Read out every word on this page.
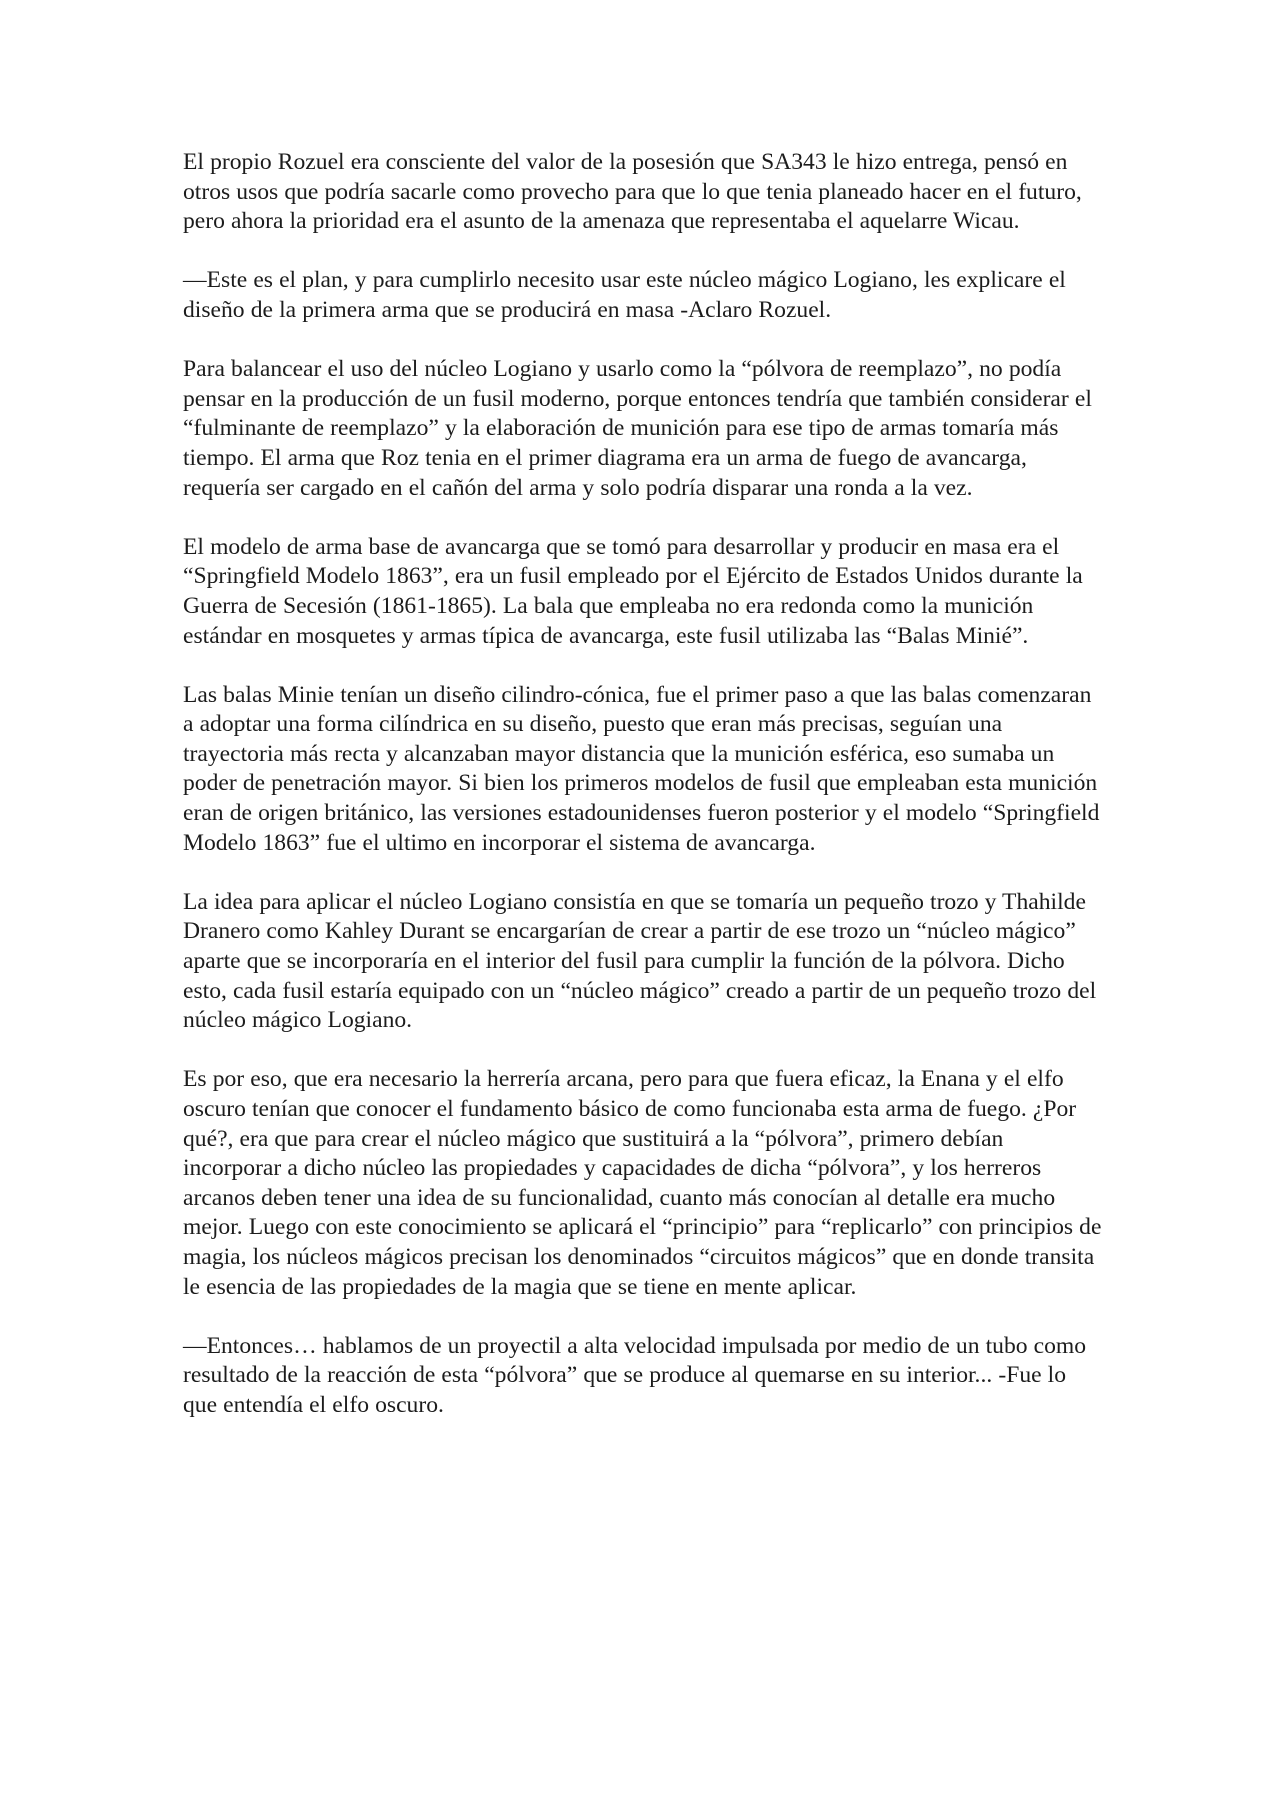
El propio Rozuel era consciente del valor de la posesión que SA343 le hizo entrega, pensó en otros usos que podría sacarle como provecho para que lo que tenia planeado hacer en el futuro, pero ahora la prioridad era el asunto de la amenaza que representaba el aquelarre Wicau.

—Este es el plan, y para cumplirlo necesito usar este núcleo mágico Logiano, les explicare el diseño de la primera arma que se producirá en masa -Aclaro Rozuel.

Para balancear el uso del núcleo Logiano y usarlo como la “pólvora de reemplazo”, no podía pensar en la producción de un fusil moderno, porque entonces tendría que también considerar el “fulminante de reemplazo” y la elaboración de munición para ese tipo de armas tomaría más tiempo. El arma que Roz tenia en el primer diagrama era un arma de fuego de avancarga, requería ser cargado en el cañón del arma y solo podría disparar una ronda a la vez.

El modelo de arma base de avancarga que se tomó para desarrollar y producir en masa era el “Springfield Modelo 1863”, era un fusil empleado por el Ejército de Estados Unidos durante la Guerra de Secesión (1861-1865). La bala que empleaba no era redonda como la munición estándar en mosquetes y armas típica de avancarga, este fusil utilizaba las “Balas Minié”.

Las balas Minie tenían un diseño cilindro-cónica, fue el primer paso a que las balas comenzaran a adoptar una forma cilíndrica en su diseño, puesto que eran más precisas, seguían una trayectoria más recta y alcanzaban mayor distancia que la munición esférica, eso sumaba un poder de penetración mayor. Si bien los primeros modelos de fusil que empleaban esta munición eran de origen británico, las versiones estadounidenses fueron posterior y el modelo “Springfield Modelo 1863” fue el ultimo en incorporar el sistema de avancarga.

La idea para aplicar el núcleo Logiano consistía en que se tomaría un pequeño trozo y Thahilde Dranero como Kahley Durant se encargarían de crear a partir de ese trozo un “núcleo mágico” aparte que se incorporaría en el interior del fusil para cumplir la función de la pólvora. Dicho esto, cada fusil estaría equipado con un “núcleo mágico” creado a partir de un pequeño trozo del núcleo mágico Logiano.

Es por eso, que era necesario la herrería arcana, pero para que fuera eficaz, la Enana y el elfo oscuro tenían que conocer el fundamento básico de como funcionaba esta arma de fuego. ¿Por qué?, era que para crear el núcleo mágico que sustituirá a la “pólvora”, primero debían incorporar a dicho núcleo las propiedades y capacidades de dicha “pólvora”, y los herreros arcanos deben tener una idea de su funcionalidad, cuanto más conocían al detalle era mucho mejor. Luego con este conocimiento se aplicará el “principio” para “replicarlo” con principios de magia, los núcleos mágicos precisan los denominados “circuitos mágicos” que en donde transita le esencia de las propiedades de la magia que se tiene en mente aplicar.

—Entonces… hablamos de un proyectil a alta velocidad impulsada por medio de un tubo como resultado de la reacción de esta “pólvora” que se produce al quemarse en su interior... -Fue lo que entendía el elfo oscuro.
